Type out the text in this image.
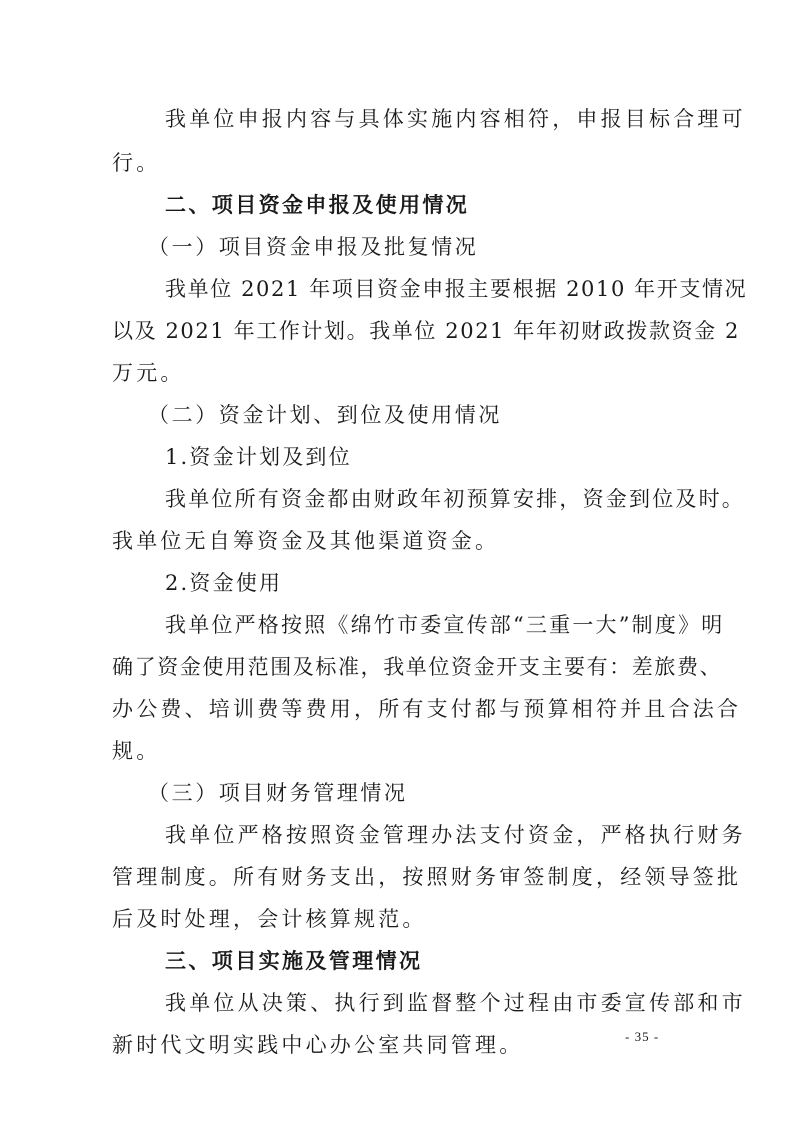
我单位申报内容与具体实施内容相符，申报目标合理可
行。
二、项目资金申报及使用情况
（一）项目资金申报及批复情况
我单位 2021 年项目资金申报主要根据 2010 年开支情况
以及 2021 年工作计划。我单位 2021 年年初财政拨款资金 2
万元。
（二）资金计划、到位及使用情况
1.资金计划及到位
我单位所有资金都由财政年初预算安排，资金到位及时。
我单位无自筹资金及其他渠道资金。
2.资金使用
我单位严格按照《绵竹市委宣传部“三重一大”制度》明
确了资金使用范围及标准，我单位资金开支主要有：差旅费、
办公费、培训费等费用，所有支付都与预算相符并且合法合
规。
（三）项目财务管理情况
我单位严格按照资金管理办法支付资金，严格执行财务
管理制度。所有财务支出，按照财务审签制度，经领导签批
后及时处理，会计核算规范。
三、项目实施及管理情况
我单位从决策、执行到监督整个过程由市委宣传部和市
新时代文明实践中心办公室共同管理。	- 35 -
